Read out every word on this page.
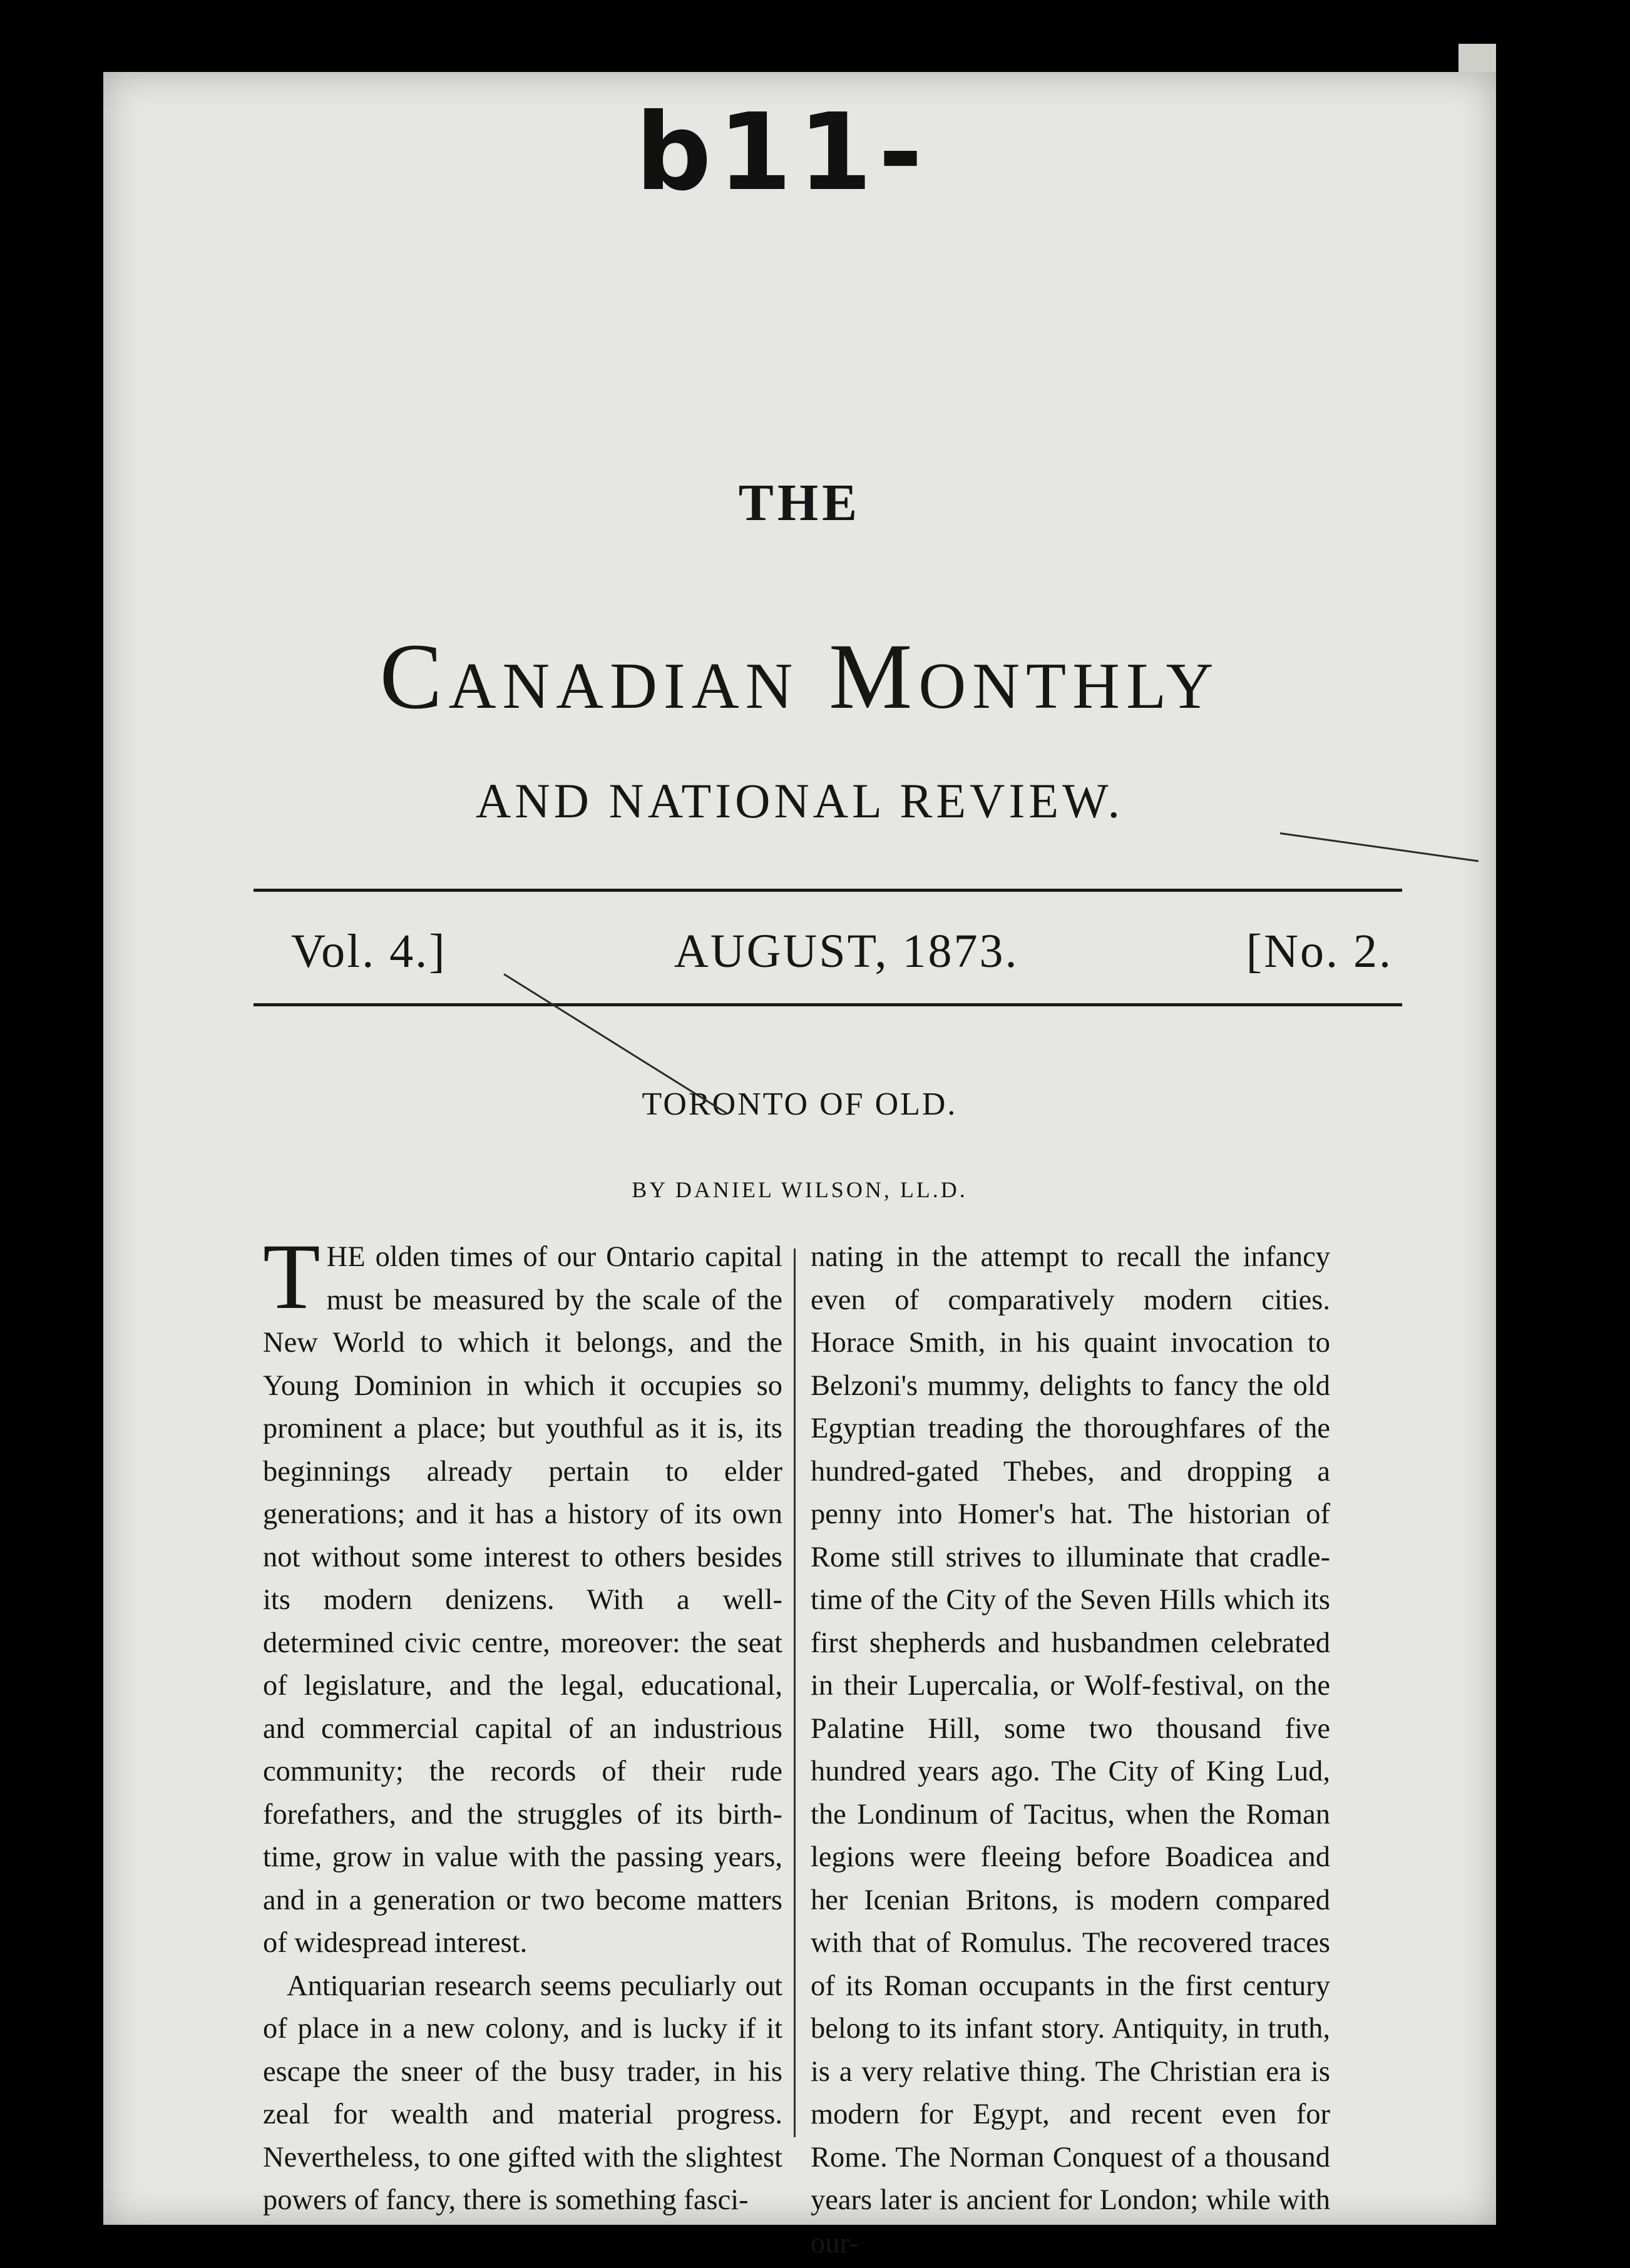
b11-
THE
Canadian Monthly
AND NATIONAL REVIEW.
Vol. 4.]	AUGUST, 1873.	[No. 2.
TORONTO OF OLD.
BY DANIEL WILSON, LL.D.

THE olden times of our Ontario capital must be measured by the scale of the New World to which it belongs, and the Young Dominion in which it occupies so prominent a place; but youthful as it is, its beginnings already pertain to elder generations; and it has a history of its own not without some interest to others besides its modern denizens. With a well-determined civic centre, moreover: the seat of legislature, and the legal, educational, and commercial capital of an industrious community; the records of their rude forefathers, and the struggles of its birth-time, grow in value with the passing years, and in a generation or two become matters of widespread interest.

Antiquarian research seems peculiarly out of place in a new colony, and is lucky if it escape the sneer of the busy trader, in his zeal for wealth and material progress. Nevertheless, to one gifted with the slightest powers of fancy, there is something fasci-

nating in the attempt to recall the infancy even of comparatively modern cities. Horace Smith, in his quaint invocation to Belzoni's mummy, delights to fancy the old Egyptian treading the thoroughfares of the hundred-gated Thebes, and dropping a penny into Homer's hat. The historian of Rome still strives to illuminate that cradle-time of the City of the Seven Hills which its first shepherds and husbandmen celebrated in their Lupercalia, or Wolf-festival, on the Palatine Hill, some two thousand five hundred years ago. The City of King Lud, the Londinum of Tacitus, when the Roman legions were fleeing before Boadicea and her Icenian Britons, is modern compared with that of Romulus. The recovered traces of its Roman occupants in the first century belong to its infant story. Antiquity, in truth, is a very relative thing. The Christian era is modern for Egypt, and recent even for Rome. The Norman Conquest of a thousand years later is ancient for London; while with our-
